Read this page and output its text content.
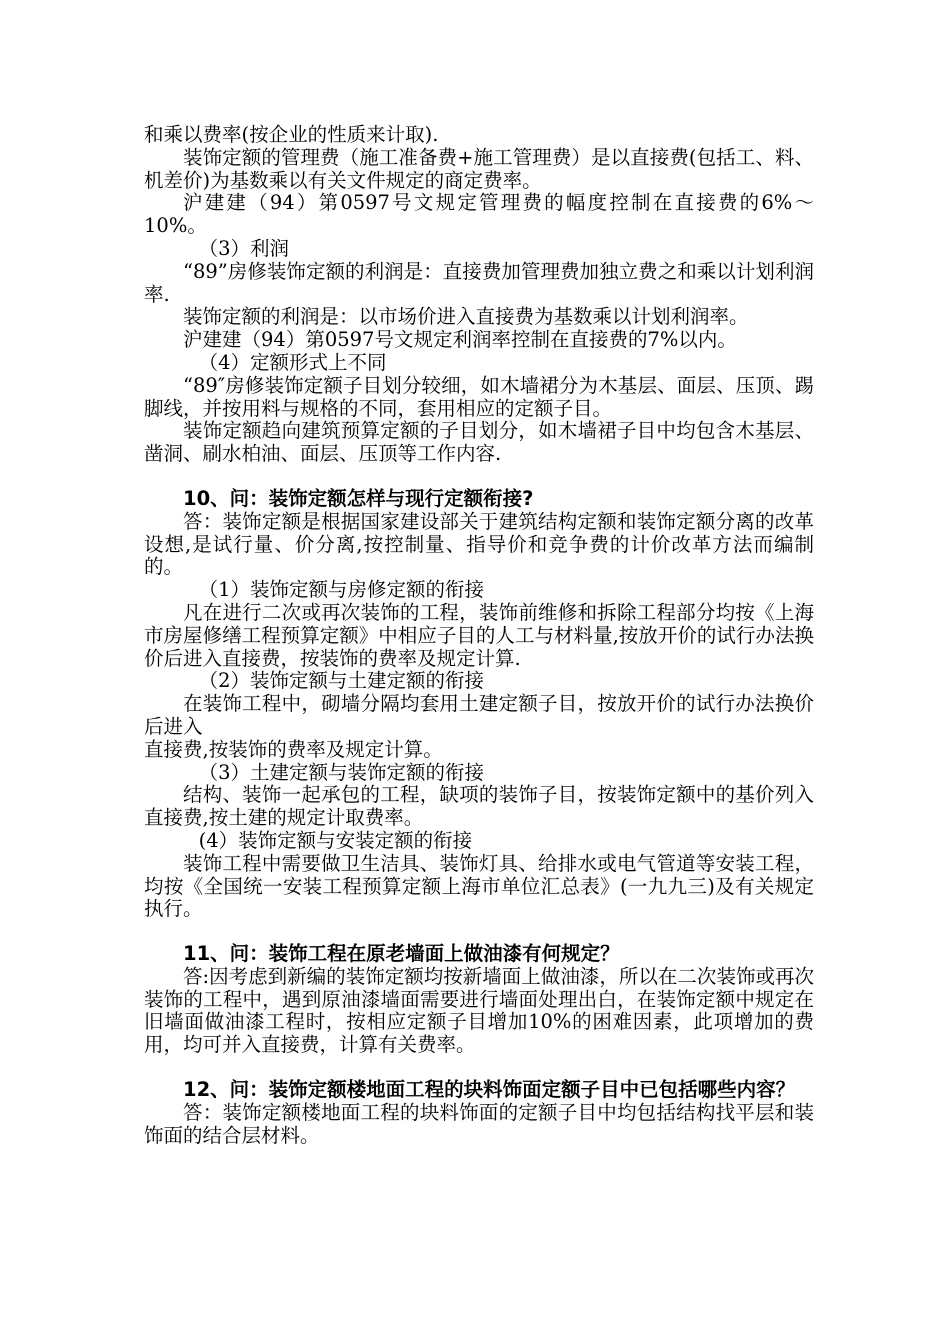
和乘以费率(按企业的性质来计取).

装饰定额的管理费（施工准备费+施工管理费）是以直接费(包括工、料、机差价)为基数乘以有关文件规定的商定费率。

沪建建（94）第0597号文规定管理费的幅度控制在直接费的6%～10%。

（3）利润

“89”房修装饰定额的利润是：直接费加管理费加独立费之和乘以计划利润率.

装饰定额的利润是：以市场价进入直接费为基数乘以计划利润率。

沪建建（94）第0597号文规定利润率控制在直接费的7%以内。

（4）定额形式上不同

“89″房修装饰定额子目划分较细，如木墙裙分为木基层、面层、压顶、踢脚线，并按用料与规格的不同，套用相应的定额子目。

装饰定额趋向建筑预算定额的子目划分，如木墙裙子目中均包含木基层、凿洞、刷水柏油、面层、压顶等工作内容.

10、问：装饰定额怎样与现行定额衔接?

答：装饰定额是根据国家建设部关于建筑结构定额和装饰定额分离的改革设想,是试行量、价分离,按控制量、指导价和竞争费的计价改革方法而编制的。

（1）装饰定额与房修定额的衔接

凡在进行二次或再次装饰的工程，装饰前维修和拆除工程部分均按《上海市房屋修缮工程预算定额》中相应子目的人工与材料量,按放开价的试行办法换价后进入直接费，按装饰的费率及规定计算.

（2）装饰定额与土建定额的衔接

在装饰工程中，砌墙分隔均套用土建定额子目，按放开价的试行办法换价后进入

直接费,按装饰的费率及规定计算。

（3）土建定额与装饰定额的衔接

结构、装饰一起承包的工程，缺项的装饰子目，按装饰定额中的基价列入直接费,按土建的规定计取费率。

(4）装饰定额与安装定额的衔接

装饰工程中需要做卫生洁具、装饰灯具、给排水或电气管道等安装工程，均按《全国统一安装工程预算定额上海市单位汇总表》(一九九三)及有关规定执行。

11、问：装饰工程在原老墙面上做油漆有何规定？

答:因考虑到新编的装饰定额均按新墙面上做油漆，所以在二次装饰或再次装饰的工程中，遇到原油漆墙面需要进行墙面处理出白，在装饰定额中规定在旧墙面做油漆工程时，按相应定额子目增加10%的困难因素，此项增加的费用，均可并入直接费，计算有关费率。

12、问：装饰定额楼地面工程的块料饰面定额子目中已包括哪些内容？

答：装饰定额楼地面工程的块料饰面的定额子目中均包括结构找平层和装饰面的结合层材料。
